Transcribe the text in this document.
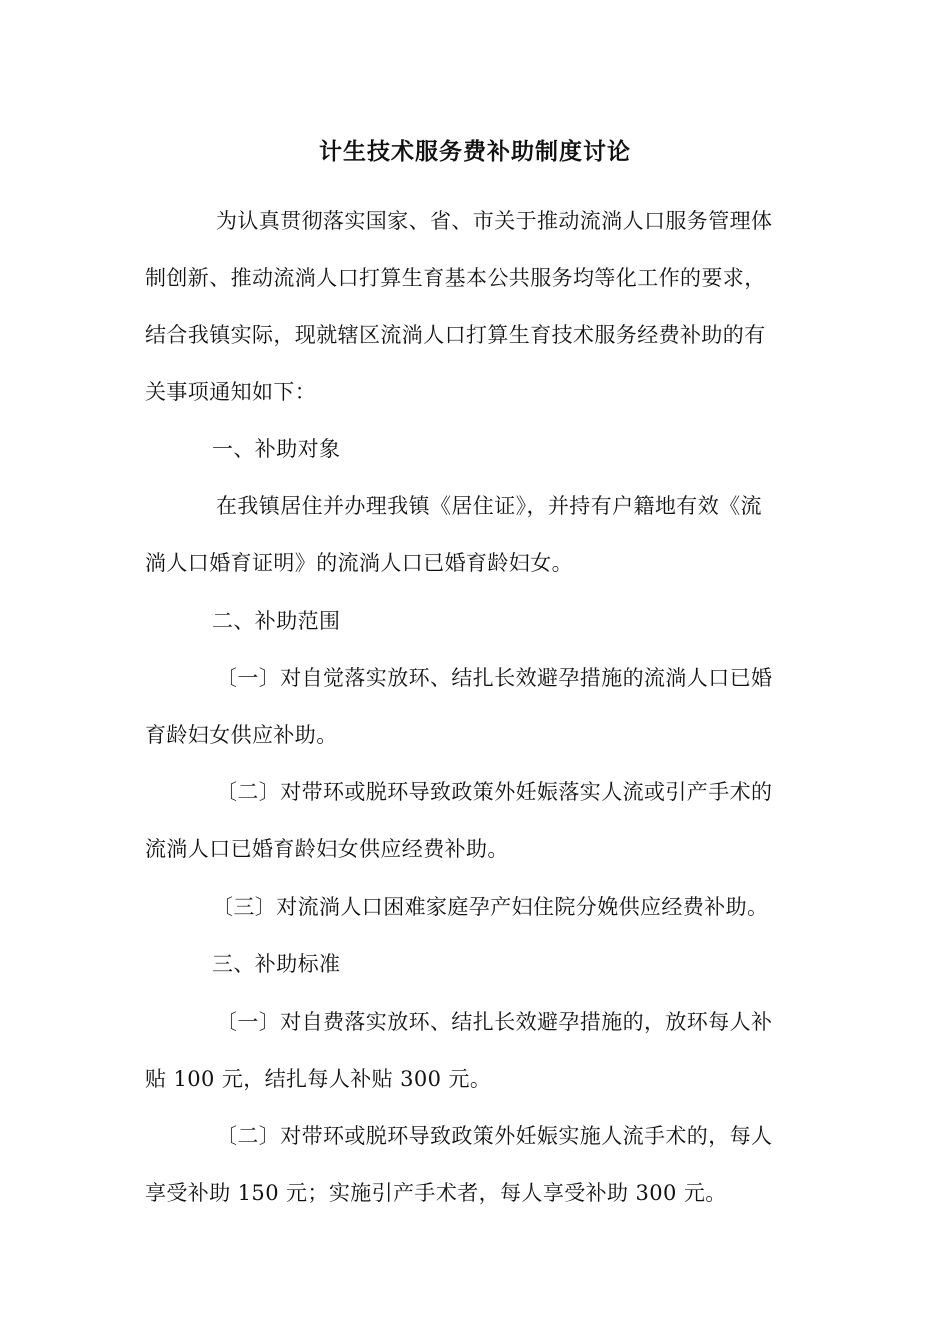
计生技术服务费补助制度讨论
为认真贯彻落实国家、省、市关于推动流淌人口服务管理体
制创新、推动流淌人口打算生育基本公共服务均等化工作的要求，
结合我镇实际，现就辖区流淌人口打算生育技术服务经费补助的有
关事项通知如下：
一、补助对象
在我镇居住并办理我镇《居住证》，并持有户籍地有效《流
淌人口婚育证明》的流淌人口已婚育龄妇女。
二、补助范围
〔一〕对自觉落实放环、结扎长效避孕措施的流淌人口已婚
育龄妇女供应补助。
〔二〕对带环或脱环导致政策外妊娠落实人流或引产手术的
流淌人口已婚育龄妇女供应经费补助。
〔三〕对流淌人口困难家庭孕产妇住院分娩供应经费补助。
三、补助标准
〔一〕对自费落实放环、结扎长效避孕措施的，放环每人补
贴 100 元，结扎每人补贴 300 元。
〔二〕对带环或脱环导致政策外妊娠实施人流手术的，每人
享受补助 150 元；实施引产手术者，每人享受补助 300 元。
